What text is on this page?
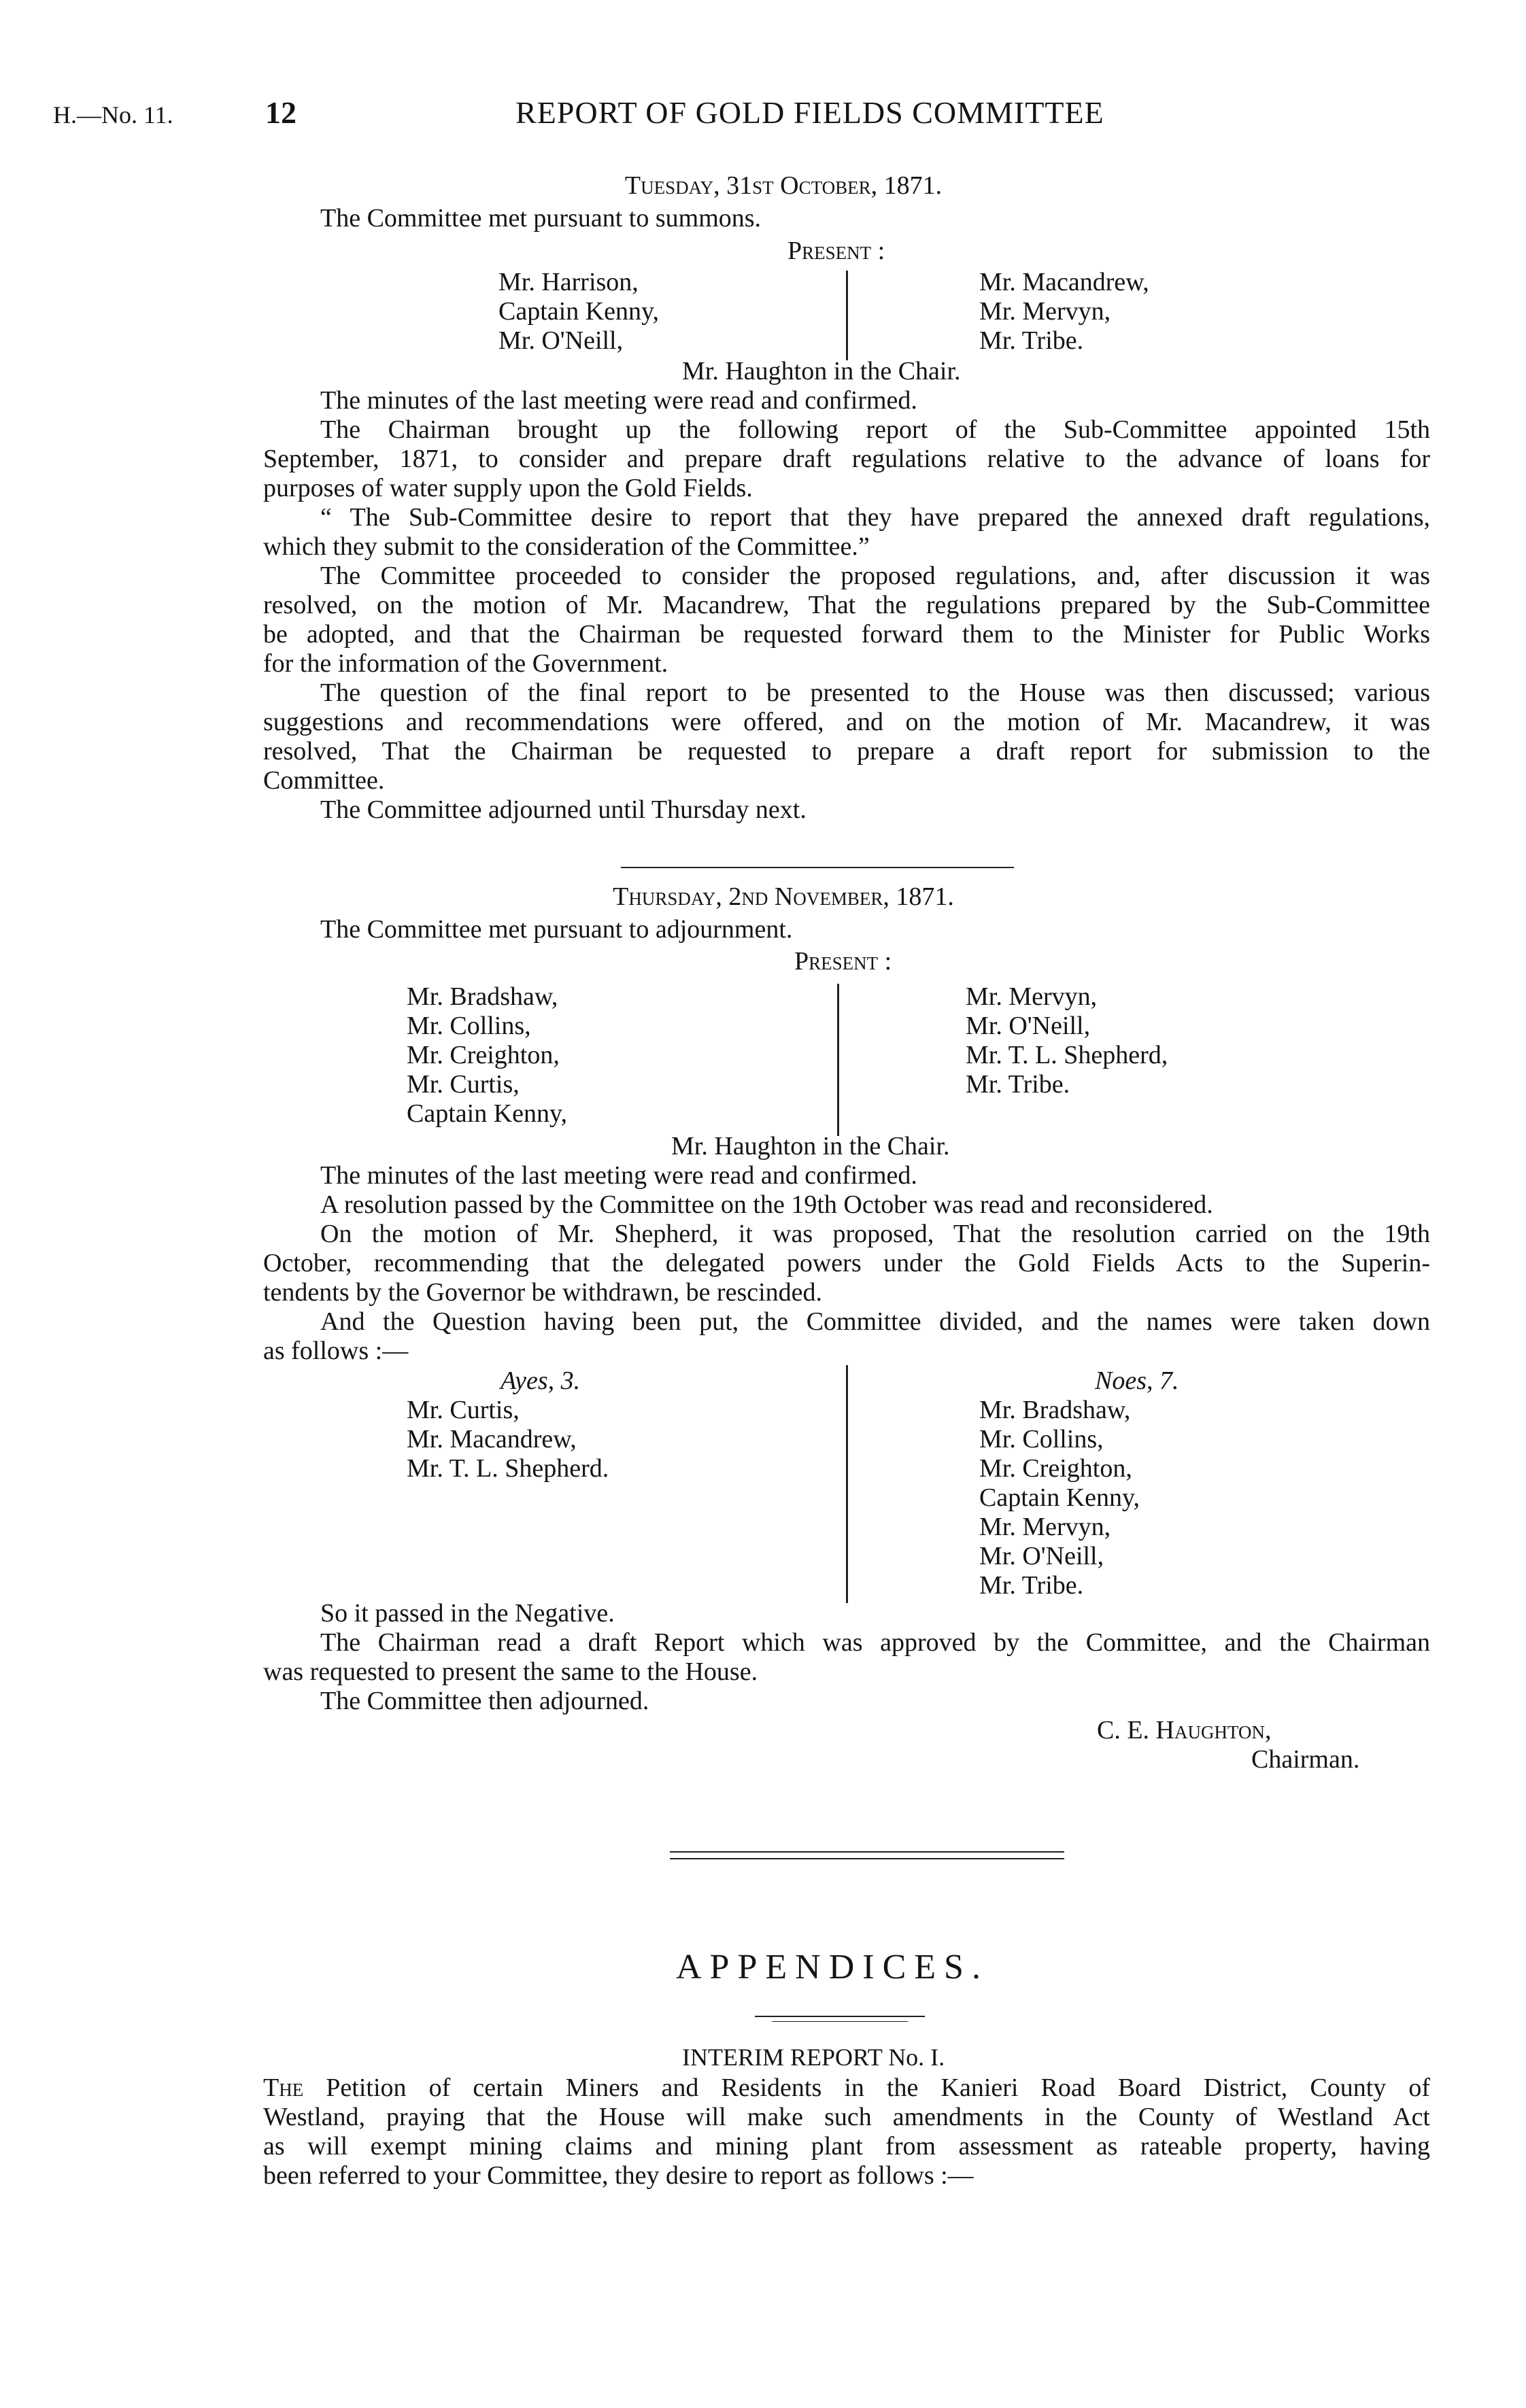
H.—No. 11.	12	REPORT OF GOLD FIELDS COMMITTEE
Tuesday, 31st October, 1871.
The Committee met pursuant to summons.
Present :
Mr. Harrison,
Captain Kenny,
Mr. O'Neill,
Mr. Macandrew,
Mr. Mervyn,
Mr. Tribe.
Mr. Haughton in the Chair.
The minutes of the last meeting were read and confirmed.
The Chairman brought up the following report of the Sub-Committee appointed 15th
September, 1871, to consider and prepare draft regulations relative to the advance of loans for
purposes of water supply upon the Gold Fields.
“ The Sub-Committee desire to report that they have prepared the annexed draft regulations,
which they submit to the consideration of the Committee.”
The Committee proceeded to consider the proposed regulations, and, after discussion it was
resolved, on the motion of Mr. Macandrew, That the regulations prepared by the Sub-Committee
be adopted, and that the Chairman be requested forward them to the Minister for Public Works
for the information of the Government.
The question of the final report to be presented to the House was then discussed; various
suggestions and recommendations were offered, and on the motion of Mr. Macandrew, it was
resolved, That the Chairman be requested to prepare a draft report for submission to the
Committee.
The Committee adjourned until Thursday next.
Thursday, 2nd November, 1871.
The Committee met pursuant to adjournment.
Present :
Mr. Bradshaw,
Mr. Collins,
Mr. Creighton,
Mr. Curtis,
Captain Kenny,
Mr. Mervyn,
Mr. O'Neill,
Mr. T. L. Shepherd,
Mr. Tribe.
Mr. Haughton in the Chair.
The minutes of the last meeting were read and confirmed.
A resolution passed by the Committee on the 19th October was read and reconsidered.
On the motion of Mr. Shepherd, it was proposed, That the resolution carried on the 19th
October, recommending that the delegated powers under the Gold Fields Acts to the Superin-
tendents by the Governor be withdrawn, be rescinded.
And the Question having been put, the Committee divided, and the names were taken down
as follows :—
Ayes, 3.
Mr. Curtis,
Mr. Macandrew,
Mr. T. L. Shepherd.
Noes, 7.
Mr. Bradshaw,
Mr. Collins,
Mr. Creighton,
Captain Kenny,
Mr. Mervyn,
Mr. O'Neill,
Mr. Tribe.
So it passed in the Negative.
The Chairman read a draft Report which was approved by the Committee, and the Chairman
was requested to present the same to the House.
The Committee then adjourned.
C. E. Haughton,
Chairman.
APPENDICES.
INTERIM REPORT No. I.
The Petition of certain Miners and Residents in the Kanieri Road Board District, County of
Westland, praying that the House will make such amendments in the County of Westland Act
as will exempt mining claims and mining plant from assessment as rateable property, having
been referred to your Committee, they desire to report as follows :—
